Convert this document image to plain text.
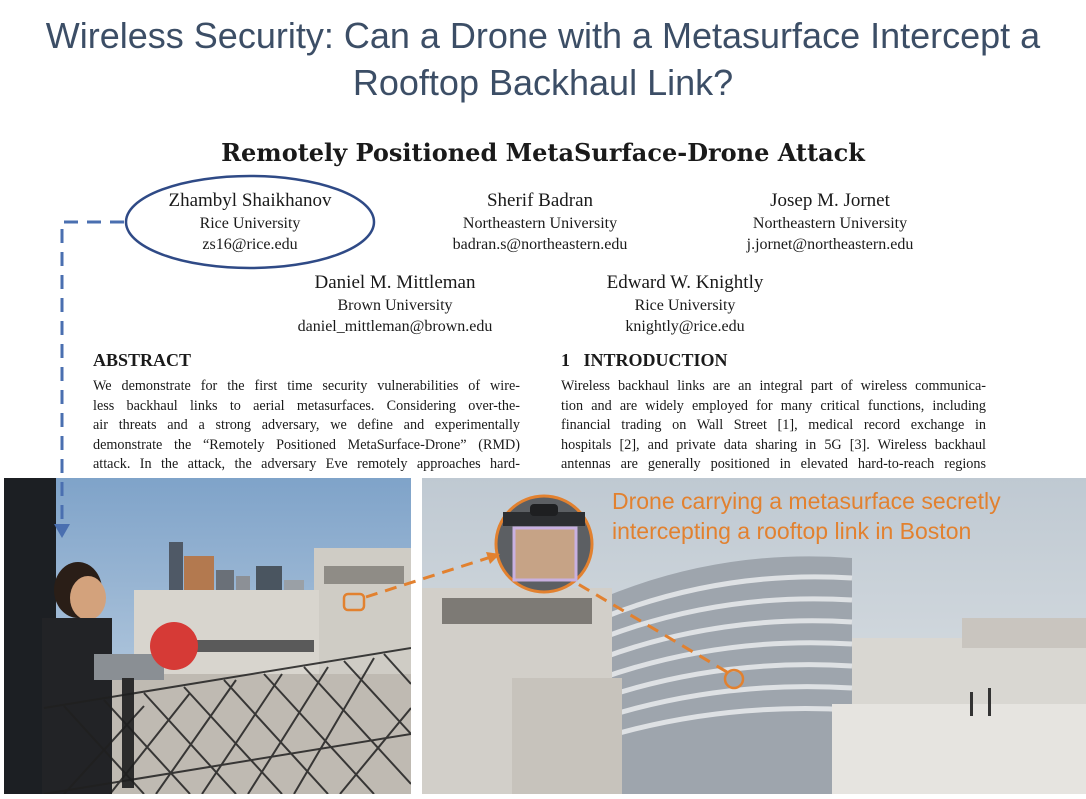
Wireless Security: Can a Drone with a Metasurface Intercept a Rooftop Backhaul Link?
Remotely Positioned MetaSurface-Drone Attack
Zhambyl Shaikhanov
Rice University
zs16@rice.edu
Sherif Badran
Northeastern University
badran.s@northeastern.edu
Josep M. Jornet
Northeastern University
j.jornet@northeastern.edu
Daniel M. Mittleman
Brown University
daniel_mittleman@brown.edu
Edward W. Knightly
Rice University
knightly@rice.edu
ABSTRACT
We demonstrate for the first time security vulnerabilities of wire-
less backhaul links to aerial metasurfaces. Considering over-the-
air threats and a strong adversary, we define and experimentally
demonstrate the “Remotely Positioned MetaSurface-Drone” (RMD)
attack. In the attack, the adversary Eve remotely approaches hard-
1   INTRODUCTION
Wireless backhaul links are an integral part of wireless communica-
tion and are widely employed for many critical functions, including
financial trading on Wall Street [1], medical record exchange in
hospitals [2], and private data sharing in 5G [3]. Wireless backhaul
antennas are generally positioned in elevated hard-to-reach regions
Drone carrying a metasurface secretly
intercepting a rooftop link in Boston
